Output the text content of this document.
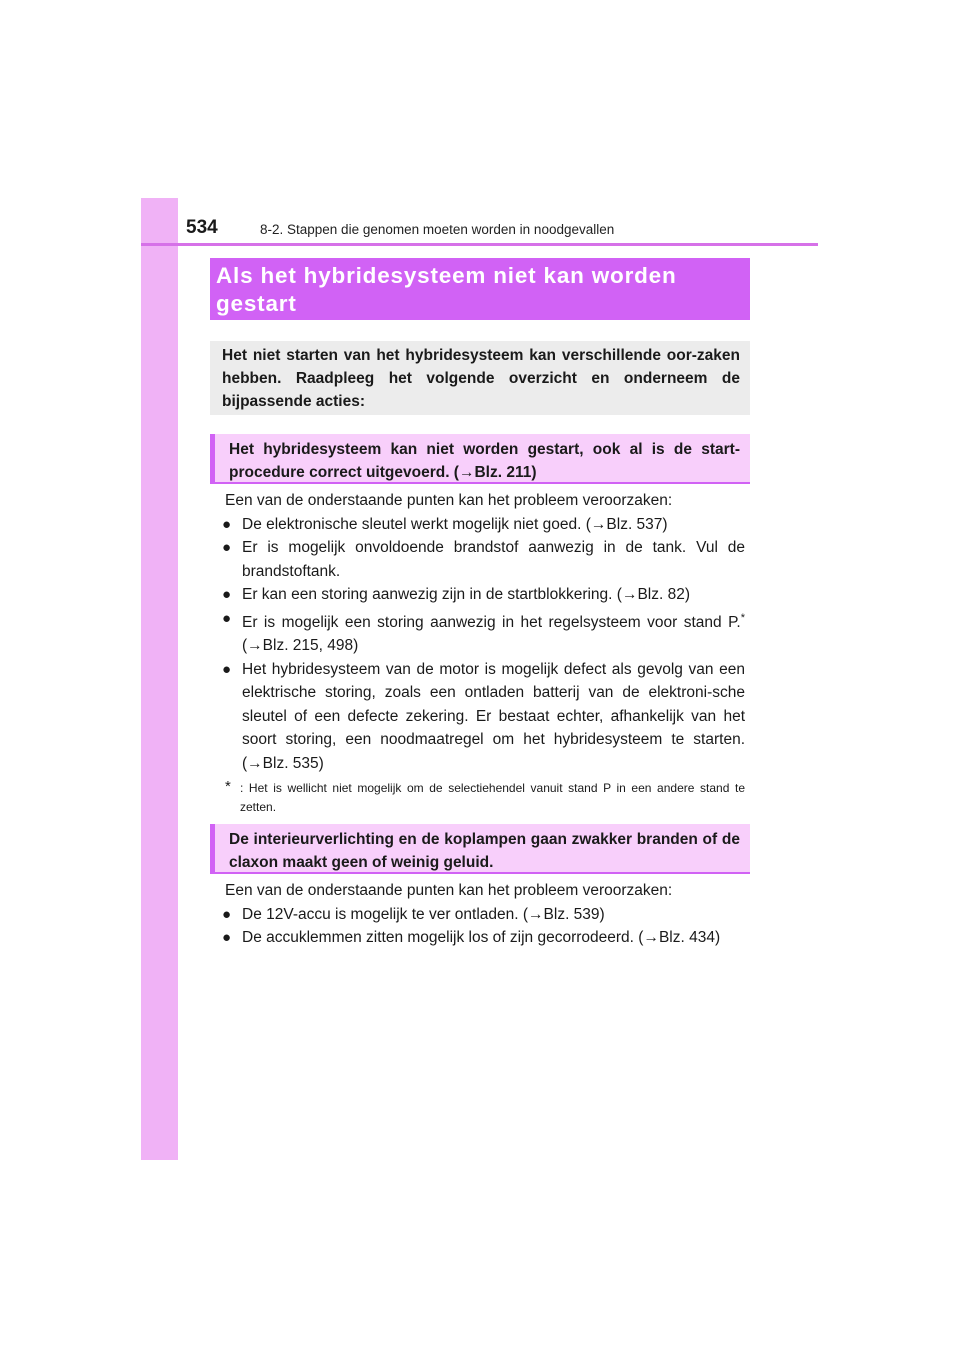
534	8-2. Stappen die genomen moeten worden in noodgevallen
Als het hybridesysteem niet kan worden gestart
Het niet starten van het hybridesysteem kan verschillende oor-zaken hebben. Raadpleeg het volgende overzicht en onderneem de bijpassende acties:
Het hybridesysteem kan niet worden gestart, ook al is de start-procedure correct uitgevoerd. (→Blz. 211)

Een van de onderstaande punten kan het probleem veroorzaken:

● De elektronische sleutel werkt mogelijk niet goed. (→Blz. 537)

● Er is mogelijk onvoldoende brandstof aanwezig in de tank. Vul de brandstoftank.

● Er kan een storing aanwezig zijn in de startblokkering. (→Blz. 82)

● Er is mogelijk een storing aanwezig in het regelsysteem voor stand P.* (→Blz. 215, 498)

● Het hybridesysteem van de motor is mogelijk defect als gevolg van een elektrische storing, zoals een ontladen batterij van de elektroni-sche sleutel of een defecte zekering. Er bestaat echter, afhankelijk van het soort storing, een noodmaatregel om het hybridesysteem te starten. (→Blz. 535)

* : Het is wellicht niet mogelijk om de selectiehendel vanuit stand P in een andere stand te zetten.
De interieurverlichting en de koplampen gaan zwakker branden of de claxon maakt geen of weinig geluid.

Een van de onderstaande punten kan het probleem veroorzaken:

● De 12V-accu is mogelijk te ver ontladen. (→Blz. 539)

● De accuklemmen zitten mogelijk los of zijn gecorrodeerd. (→Blz. 434)
